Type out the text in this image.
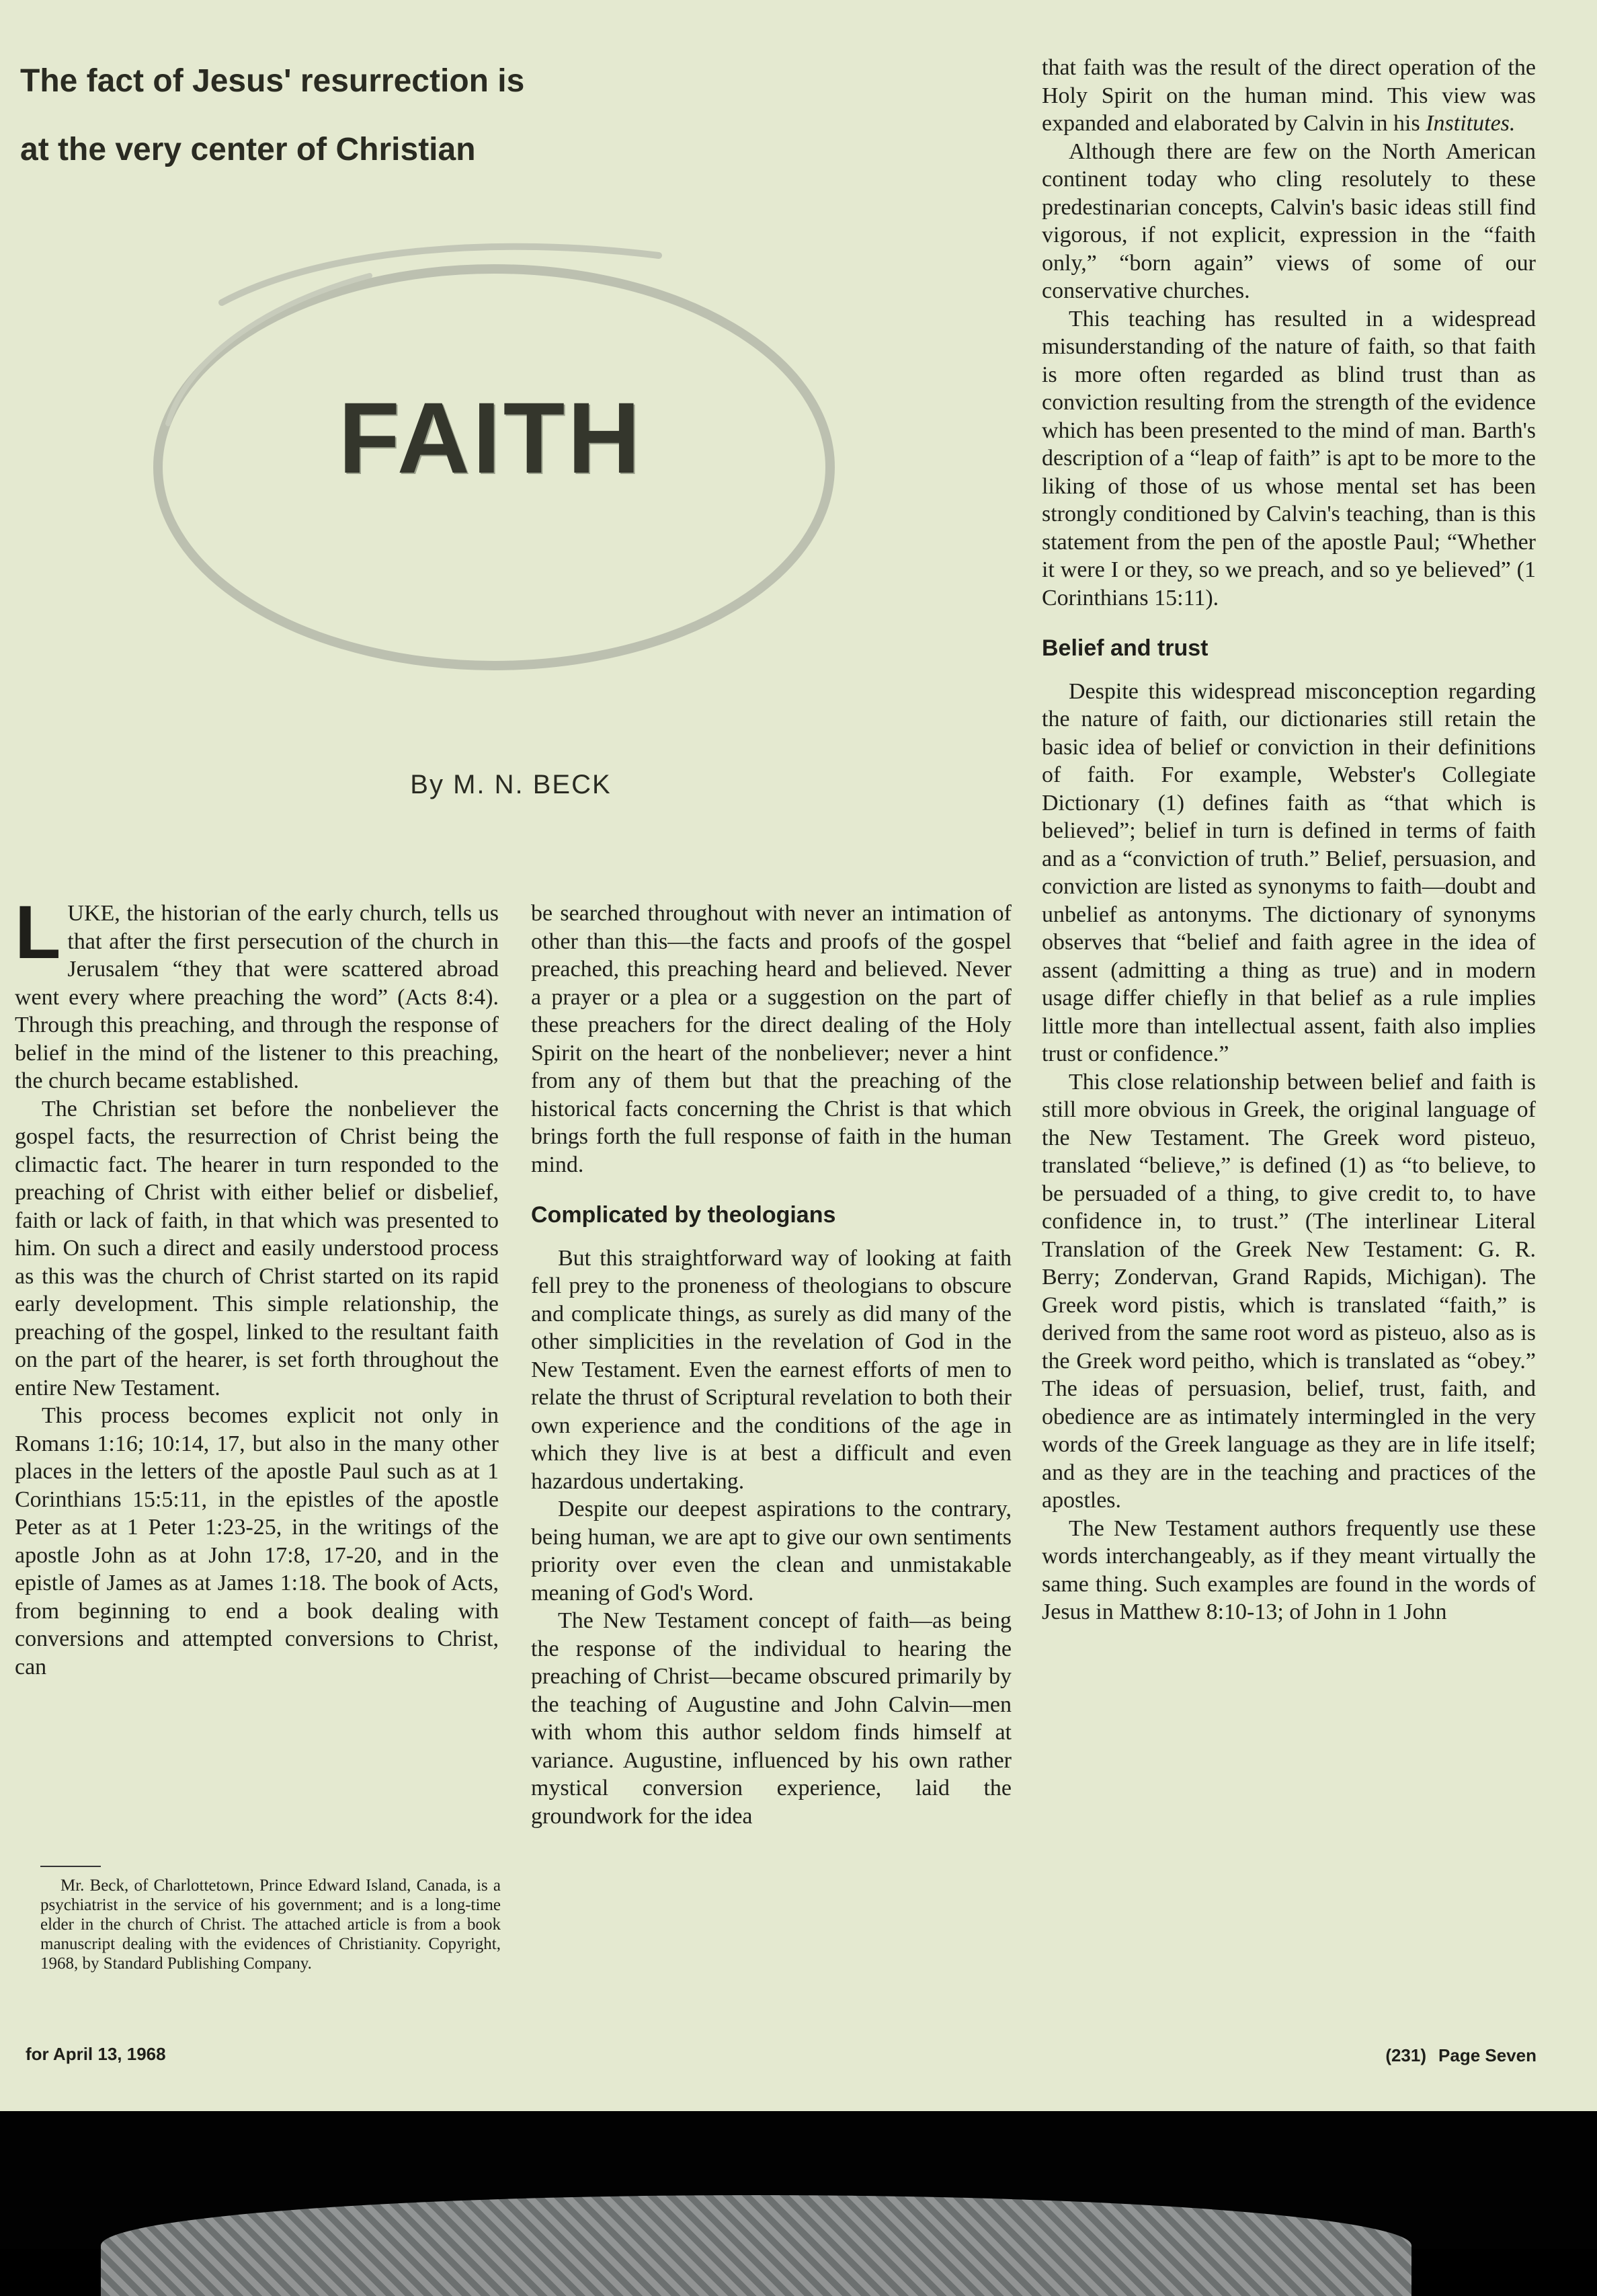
The fact of Jesus' resurrection is
at the very center of Christian
FAITH
By M. N. BECK

LUKE, the historian of the early church, tells us that after the first persecution of the church in Jerusalem “they that were scattered abroad went every where preaching the word” (Acts 8:4). Through this preaching, and through the response of belief in the mind of the listener to this preaching, the church became established.

The Christian set before the nonbeliever the gospel facts, the resurrection of Christ being the climactic fact. The hearer in turn responded to the preaching of Christ with either belief or disbelief, faith or lack of faith, in that which was presented to him. On such a direct and easily understood process as this was the church of Christ started on its rapid early development. This simple relationship, the preaching of the gospel, linked to the resultant faith on the part of the hearer, is set forth throughout the entire New Testament.

This process becomes explicit not only in Romans 1:16; 10:14, 17, but also in the many other places in the letters of the apostle Paul such as at 1 Corinthians 15:5:11, in the epistles of the apostle Peter as at 1 Peter 1:23-25, in the writings of the apostle John as at John 17:8, 17-20, and in the epistle of James as at James 1:18. The book of Acts, from beginning to end a book dealing with conversions and attempted conversions to Christ, can

Mr. Beck, of Charlottetown, Prince Edward Island, Canada, is a psychiatrist in the service of his government; and is a long-time elder in the church of Christ. The attached article is from a book manuscript dealing with the evidences of Christianity. Copyright, 1968, by Standard Publishing Company.

be searched throughout with never an intimation of other than this—the facts and proofs of the gospel preached, this preaching heard and believed. Never a prayer or a plea or a suggestion on the part of these preachers for the direct dealing of the Holy Spirit on the heart of the nonbeliever; never a hint from any of them but that the preaching of the historical facts concerning the Christ is that which brings forth the full response of faith in the human mind.

Complicated by theologians

But this straightforward way of looking at faith fell prey to the proneness of theologians to obscure and complicate things, as surely as did many of the other simplicities in the revelation of God in the New Testament. Even the earnest efforts of men to relate the thrust of Scriptural revelation to both their own experience and the conditions of the age in which they live is at best a difficult and even hazardous undertaking.

Despite our deepest aspirations to the contrary, being human, we are apt to give our own sentiments priority over even the clean and unmistakable meaning of God's Word.

The New Testament concept of faith—as being the response of the individual to hearing the preaching of Christ—became obscured primarily by the teaching of Augustine and John Calvin—men with whom this author seldom finds himself at variance. Augustine, influenced by his own rather mystical conversion experience, laid the groundwork for the idea

that faith was the result of the direct operation of the Holy Spirit on the human mind. This view was expanded and elaborated by Calvin in his Institutes.

Although there are few on the North American continent today who cling resolutely to these predestinarian concepts, Calvin's basic ideas still find vigorous, if not explicit, expression in the “faith only,” “born again” views of some of our conservative churches.

This teaching has resulted in a widespread misunderstanding of the nature of faith, so that faith is more often regarded as blind trust than as conviction resulting from the strength of the evidence which has been presented to the mind of man. Barth's description of a “leap of faith” is apt to be more to the liking of those of us whose mental set has been strongly conditioned by Calvin's teaching, than is this statement from the pen of the apostle Paul; “Whether it were I or they, so we preach, and so ye believed” (1 Corinthians 15:11).

Belief and trust

Despite this widespread misconception regarding the nature of faith, our dictionaries still retain the basic idea of belief or conviction in their definitions of faith. For example, Webster's Collegiate Dictionary (1) defines faith as “that which is believed”; belief in turn is defined in terms of faith and as a “conviction of truth.” Belief, persuasion, and conviction are listed as synonyms to faith—doubt and unbelief as antonyms. The dictionary of synonyms observes that “belief and faith agree in the idea of assent (admitting a thing as true) and in modern usage differ chiefly in that belief as a rule implies little more than intellectual assent, faith also implies trust or confidence.”

This close relationship between belief and faith is still more obvious in Greek, the original language of the New Testament. The Greek word pisteuo, translated “believe,” is defined (1) as “to believe, to be persuaded of a thing, to give credit to, to have confidence in, to trust.” (The interlinear Literal Translation of the Greek New Testament: G. R. Berry; Zondervan, Grand Rapids, Michigan). The Greek word pistis, which is translated “faith,” is derived from the same root word as pisteuo, also as is the Greek word peitho, which is translated as “obey.” The ideas of persuasion, belief, trust, faith, and obedience are as intimately intermingled in the very words of the Greek language as they are in life itself; and as they are in the teaching and practices of the apostles.

The New Testament authors frequently use these words interchangeably, as if they meant virtually the same thing. Such examples are found in the words of Jesus in Matthew 8:10-13; of John in 1 John

for April 13, 1968	(231) Page Seven
